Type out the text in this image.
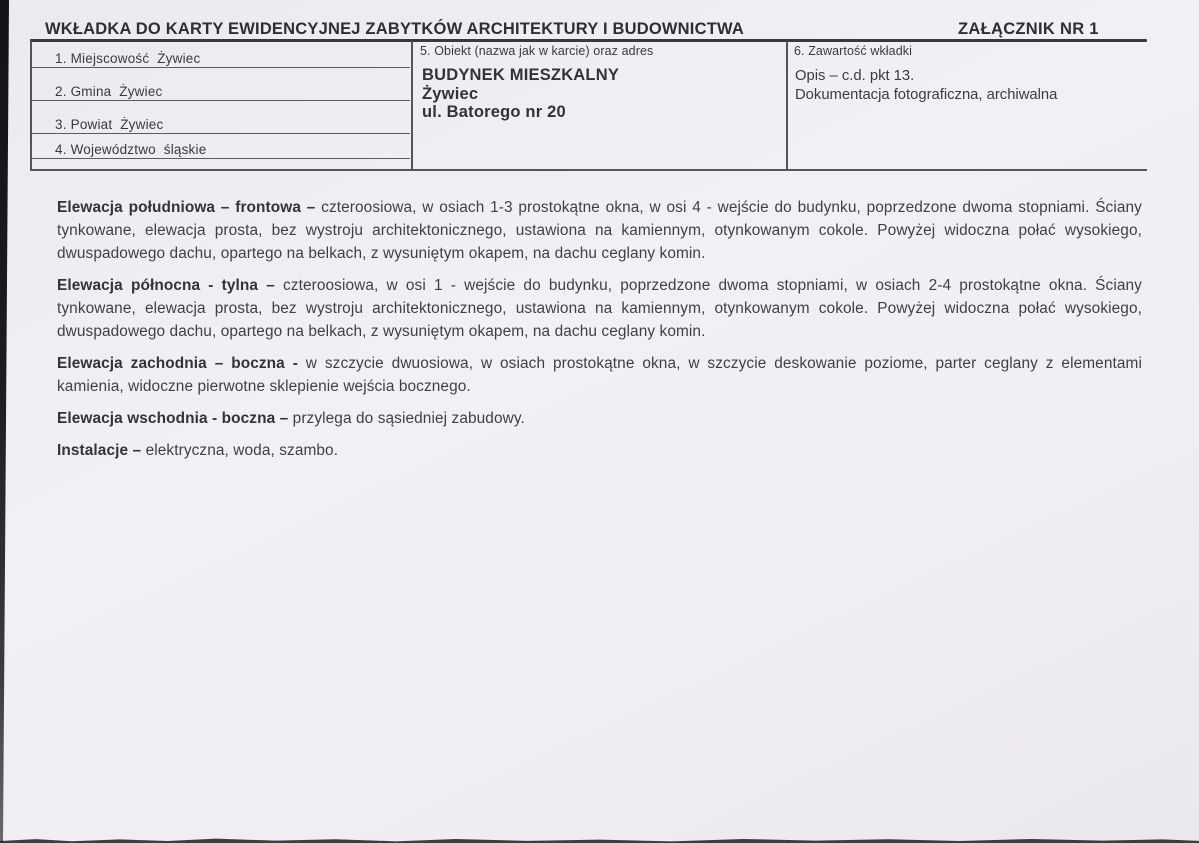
WKŁADKA DO KARTY EWIDENCYJNEJ ZABYTKÓW ARCHITEKTURY I BUDOWNICTWA	ZAŁĄCZNIK NR 1
1. Miejscowość  Żywiec
2. Gmina  Żywiec
3. Powiat  Żywiec
4. Województwo  śląskie
5. Obiekt (nazwa jak w karcie) oraz adres
BUDYNEK MIESZKALNY
Żywiec
ul. Batorego nr 20
6. Zawartość wkładki
Opis – c.d. pkt 13.
Dokumentacja fotograficzna, archiwalna

Elewacja południowa – frontowa – czteroosiowa, w osiach 1-3 prostokątne okna, w osi 4 - wejście do budynku, poprzedzone dwoma stopniami. Ściany tynkowane, elewacja prosta, bez wystroju architektonicznego, ustawiona na kamiennym, otynkowanym cokole. Powyżej widoczna połać wysokiego, dwuspadowego dachu, opartego na belkach, z wysuniętym okapem, na dachu ceglany komin.

Elewacja północna - tylna – czteroosiowa, w osi 1 - wejście do budynku, poprzedzone dwoma stopniami, w osiach 2-4 prostokątne okna. Ściany tynkowane, elewacja prosta, bez wystroju architektonicznego, ustawiona na kamiennym, otynkowanym cokole. Powyżej widoczna połać wysokiego, dwuspadowego dachu, opartego na belkach, z wysuniętym okapem, na dachu ceglany komin.

Elewacja zachodnia – boczna - w szczycie dwuosiowa, w osiach prostokątne okna, w szczycie deskowanie poziome, parter ceglany z elementami kamienia, widoczne pierwotne sklepienie wejścia bocznego.

Elewacja wschodnia - boczna – przylega do sąsiedniej zabudowy.

Instalacje – elektryczna, woda, szambo.
